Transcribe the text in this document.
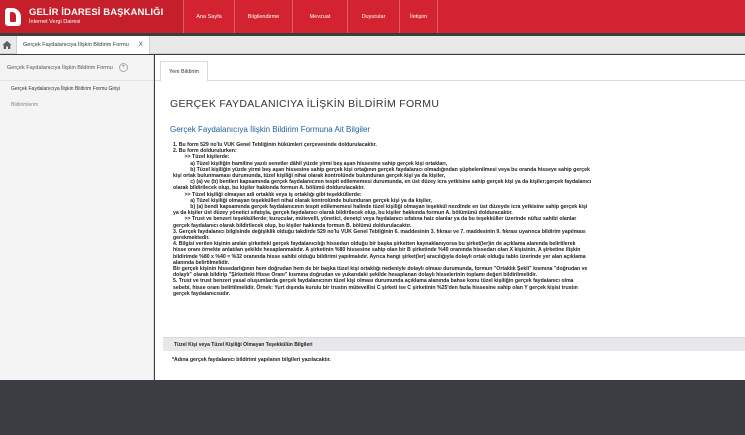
GELİR İDARESİ BAŞKANLIĞI
İnternet Vergi Dairesi
Ana Sayfa	Bilgilendirme	Mevzuat	Duyurular	İletişim
Gerçek Faydalanıcıya İlişkin Bildirim Formu X
Gerçek Faydalanıcıya İlişkin Bildirim Formu	+
Gerçek Faydalanıcıya İlişkin Bildirim Formu Girişi
Bildirimlerim
Yeni Bildirim
GERÇEK FAYDALANICIYA İLİŞKİN BİLDİRİM FORMU
Gerçek Faydalanıcıya İlişkin Bildirim Formuna Ait Bilgiler
1. Bu form 529 no'lu VUK Genel Tebliğinin hükümleri çerçevesinde doldurulacaktır.
2. Bu form doldurulurken:
>> Tüzel kişilerde:
a) Tüzel kişiliğin hamiline yazılı senetler dâhil yüzde yirmi beş aşan hissesine sahip gerçek kişi ortakları,
b) Tüzel kişiliğin yüzde yirmi beş aşan hissesine sahip gerçek kişi ortağının gerçek faydalanıcı olmadığından şüphelenilmesi veya bu oranda hisseye sahip gerçek
kişi ortak bulunmaması durumunda, tüzel kişiliği nihai olarak kontrolünde bulunduran gerçek kişi ya da kişiler,
c) (a) ve (b) bentleri kapsamında gerçek faydalanıcının tespit edilememesi durumunda, en üst düzey icra yetkisine sahip gerçek kişi ya da kişiler;gerçek faydalanıcı
olarak bildirilecek olup, bu kişiler hakkında formun A. bölümü doldurulacaktır.
>> Tüzel kişiliği olmayan adi ortaklık veya iş ortaklığı gibi teşekküllerde:
a) Tüzel kişiliği olmayan teşekkülleri nihai olarak kontrolünde bulunduran gerçek kişi ya da kişiler,
b) (a) bendi kapsamında gerçek faydalanıcının tespit edilememesi halinde tüzel kişiliği olmayan teşekkül nezdinde en üst düzeyde icra yetkisine sahip gerçek kişi
ya da kişiler üst düzey yönetici sıfatıyla, gerçek faydalanıcı olarak bildirilecek olup, bu kişiler hakkında formun A. bölümünü dolduracaktır.
>> Trust ve benzeri teşekküllerde; kurucular, mütevelli, yönetici, denetçi veya faydalanıcı sıfatına haiz olanlar ya da bu teşekküller üzerinde nüfuz sahibi olanlar
gerçek faydalanıcı olarak bildirilecek olup, bu kişiler hakkında formun B. bölümü doldurulacaktır.
3. Gerçek faydalanıcı bilgisinde değişiklik olduğu takdirde 529 no'lu VUK Genel Tebliğinin 6. maddesinin 3. fıkrası ve 7. maddesinin 9. fıkrası uyarınca bildirim yapılması
gerekmektedir.
4. Bilgisi verilen kişinin anılan şirketteki gerçek faydalanıcılığı hissedarı olduğu bir başka şirketten kaynaklanıyorsa bu şirket(ler)in de açıklama alanında belirtilerek
hisse oranı örnekte anlatılan şekilde hesaplanmalıdır. A şirketinin %80 hissesine sahip olan bir B şirketinde %40 oranında hissedarı olan X kişisinin, A şirketine ilişkin
bildirimde %80 x %40 = %32 oranında hisse sahibi olduğu bildirimi yapılmalıdır. Ayrıca hangi şirket(ler) aracılığıyla dolaylı ortak olduğu tablo üzerinde yer alan açıklama
alanında belirtilmelidir.
Bir gerçek kişinin hissedarlığının hem doğrudan hem de bir başka tüzel kişi ortaklığı nedeniyle dolaylı olması durumunda, formun "Ortaklık Şekli" kısmına "doğrudan ve
dolaylı" olarak bildirip "Şirketteki Hisse Oranı" kısmına doğrudan ve yukarıdaki şekilde hesaplanan dolaylı hisselerinin toplamı değeri bildirilmelidir.
5. Trust ve trust benzeri yasal oluşumlarda gerçek faydalanıcının tüzel kişi olması durumunda açıklama alanında bahse konu tüzel kişiliğin gerçek faydalanıcı olma
sebebi, hisse oranı belirtilmelidir. Örnek: Yurt dışında kurulu bir trustın mütevellisi C şirketi ise C şirketinin %25'den fazla hissesine sahip olan Y gerçek kişisi trustın
gerçek faydalanıcısıdır.
Tüzel Kişi veya Tüzel Kişiliği Olmayan Teşekkülün Bilgileri
*Adına gerçek faydalanıcı bildirimi yapılanın bilgileri yazılacaktır.
